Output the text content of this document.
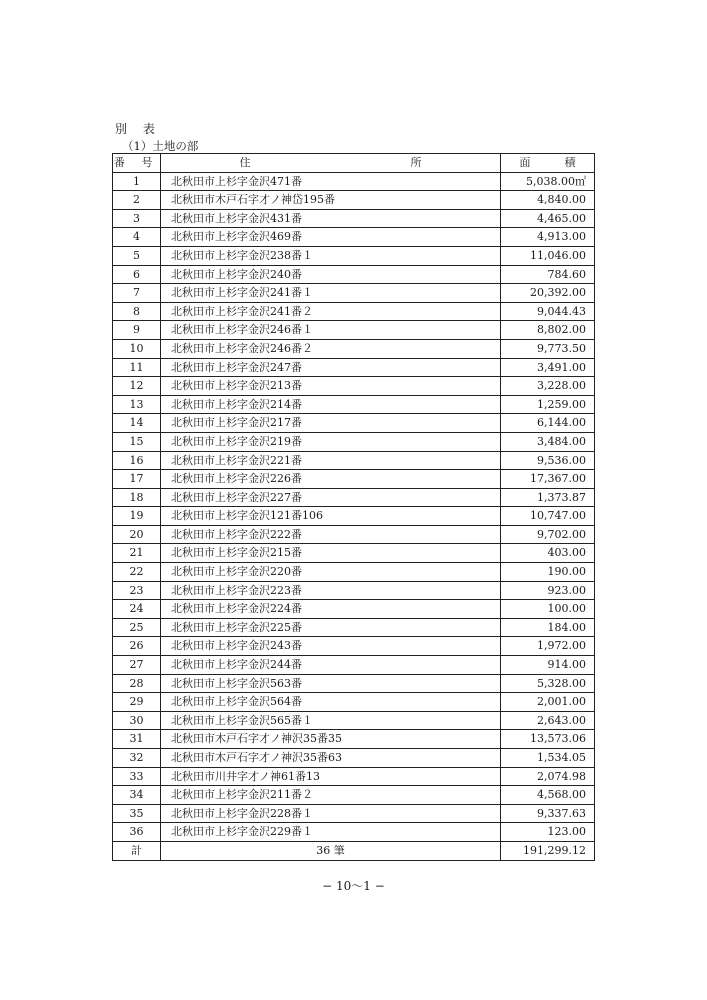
別 表
（1）土地の部
番 号	住 所	面 積
1	北秋田市上杉字金沢471番	5,038.00㎡
2	北秋田市木戸石字才ノ神岱195番	4,840.00
3	北秋田市上杉字金沢431番	4,465.00
4	北秋田市上杉字金沢469番	4,913.00
5	北秋田市上杉字金沢238番１	11,046.00
6	北秋田市上杉字金沢240番	784.60
7	北秋田市上杉字金沢241番１	20,392.00
8	北秋田市上杉字金沢241番２	9,044.43
9	北秋田市上杉字金沢246番１	8,802.00
10	北秋田市上杉字金沢246番２	9,773.50
11	北秋田市上杉字金沢247番	3,491.00
12	北秋田市上杉字金沢213番	3,228.00
13	北秋田市上杉字金沢214番	1,259.00
14	北秋田市上杉字金沢217番	6,144.00
15	北秋田市上杉字金沢219番	3,484.00
16	北秋田市上杉字金沢221番	9,536.00
17	北秋田市上杉字金沢226番	17,367.00
18	北秋田市上杉字金沢227番	1,373.87
19	北秋田市上杉字金沢121番106	10,747.00
20	北秋田市上杉字金沢222番	9,702.00
21	北秋田市上杉字金沢215番	403.00
22	北秋田市上杉字金沢220番	190.00
23	北秋田市上杉字金沢223番	923.00
24	北秋田市上杉字金沢224番	100.00
25	北秋田市上杉字金沢225番	184.00
26	北秋田市上杉字金沢243番	1,972.00
27	北秋田市上杉字金沢244番	914.00
28	北秋田市上杉字金沢563番	5,328.00
29	北秋田市上杉字金沢564番	2,001.00
30	北秋田市上杉字金沢565番１	2,643.00
31	北秋田市木戸石字才ノ神沢35番35	13,573.06
32	北秋田市木戸石字才ノ神沢35番63	1,534.05
33	北秋田市川井字才ノ神61番13	2,074.98
34	北秋田市上杉字金沢211番２	4,568.00
35	北秋田市上杉字金沢228番１	9,337.63
36	北秋田市上杉字金沢229番１	123.00
計	36 筆	191,299.12
− 10〜1 −
